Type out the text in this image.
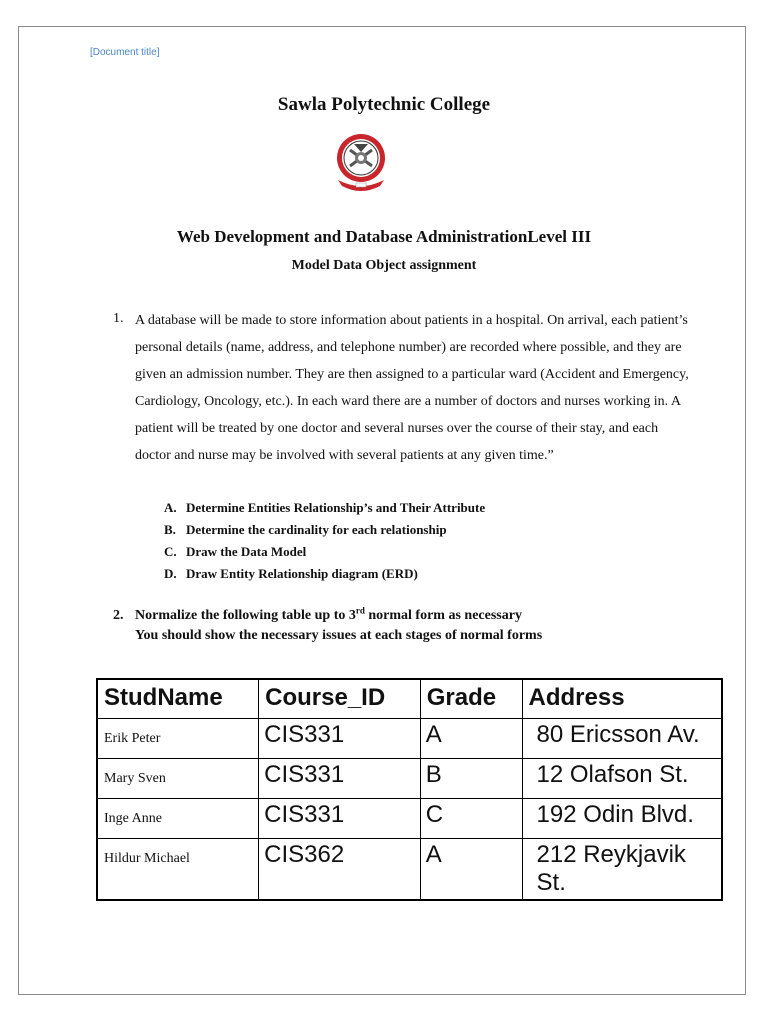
[Document title]
Sawla Polytechnic College
Web Development and Database AdministrationLevel III
Model Data Object assignment
1. A database will be made to store information about patients in a hospital. On arrival, each patient’s personal details (name, address, and telephone number) are recorded where possible, and they are given an admission number. They are then assigned to a particular ward (Accident and Emergency, Cardiology, Oncology, etc.). In each ward there are a number of doctors and nurses working in. A patient will be treated by one doctor and several nurses over the course of their stay, and each doctor and nurse may be involved with several patients at any given time.”
A. Determine Entities Relationship’s and Their Attribute
B. Determine the cardinality for each relationship
C. Draw the Data Model
D. Draw Entity Relationship diagram (ERD)
2. Normalize the following table up to 3rd normal form as necessary
You should show the necessary issues at each stages of normal forms
StudName	Course_ID	Grade	Address
Erik Peter	CIS331	A	80 Ericsson Av.
Mary Sven	CIS331	B	12 Olafson St.
Inge Anne	CIS331	C	192 Odin Blvd.
Hildur Michael	CIS362	A	212 Reykjavik St.
